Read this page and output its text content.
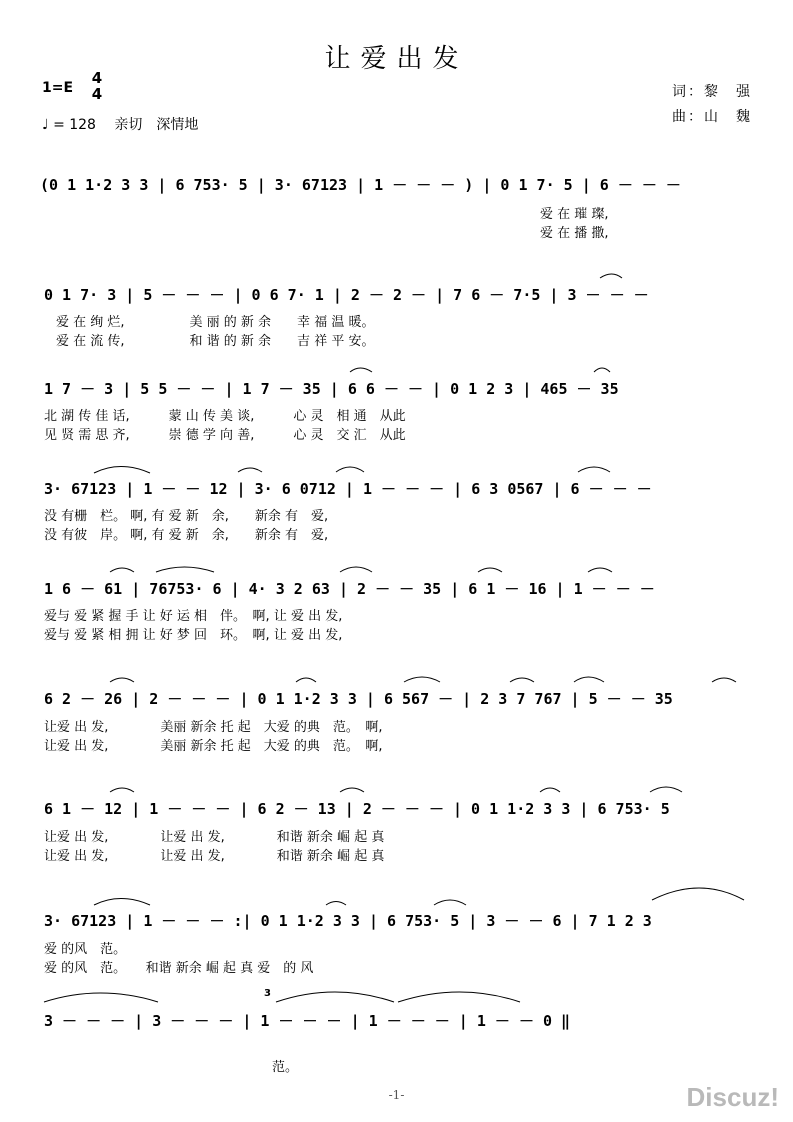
让爱出发
1=E
4
4
♩ = 128 亲切　深情地
词：黎　强
曲：山　魏
(0 1 1·2 3 3 | 6 753· 5 | 3· 67123 | 1 － － － ) | 0 1 7· 5 | 6 － － －
爱 在 璀 璨,
爱 在 播 撒,
0 1 7· 3 | 5 － － － | 0 6 7· 1 | 2 － 2 － | 7 6 － 7·5 | 3 － － －
爱 在 绚 烂,　　　　　美 丽 的 新 余　　幸 福 温 暖。
爱 在 流 传,　　　　　和 谐 的 新 余　　吉 祥 平 安。
1 7 － 3 | 5 5 － － | 1 7 － 35 | 6 6 － － | 0 1 2 3 | 465 － 35
北 湖 传 佳 话,　　　蒙 山 传 美 谈,　　　心 灵　相 通　从此
见 贤 需 思 齐,　　　崇 德 学 向 善,　　　心 灵　交 汇　从此
3· 67123 | 1 － － 12 | 3· 6 0712 | 1 － － － | 6 3 0567 | 6 － － －
没 有栅　栏。 啊, 有 爱 新　余,　　新余 有　爱,
没 有彼　岸。 啊, 有 爱 新　余,　　新余 有　爱,
1 6 － 61 | 76753· 6 | 4· 3 2 63 | 2 － － 35 | 6 1 － 16 | 1 － － －
爱与 爱 紧 握 手 让 好 运 相　伴。　啊, 让 爱 出 发,
爱与 爱 紧 相 拥 让 好 梦 回　环。　啊, 让 爱 出 发,
6 2 － 26 | 2 － － － | 0 1 1·2 3 3 | 6 567 － | 2 3 7 767 | 5 － － 35
让爱 出 发,　　　　美丽 新余 托 起　大爱 的典　范。　啊,
让爱 出 发,　　　　美丽 新余 托 起　大爱 的典　范。　啊,
6 1 － 12 | 1 － － － | 6 2 － 13 | 2 － － － | 0 1 1·2 3 3 | 6 753· 5
让爱 出 发,　　　　让爱 出 发,　　　　和谐 新余 崛 起 真
让爱 出 发,　　　　让爱 出 发,　　　　和谐 新余 崛 起 真
3· 67123 | 1 － － － :| 0 1 1·2 3 3 | 6 753· 5 | 3 － － 6 | 7 1 2 3
爱 的风　范。
爱 的风　范。　　和谐 新余 崛 起 真 爱　的 风
3
3 － － － | 3 － － － | 1 － － － | 1 － － － | 1 － － 0 ‖
范。
-1-	Discuz!
